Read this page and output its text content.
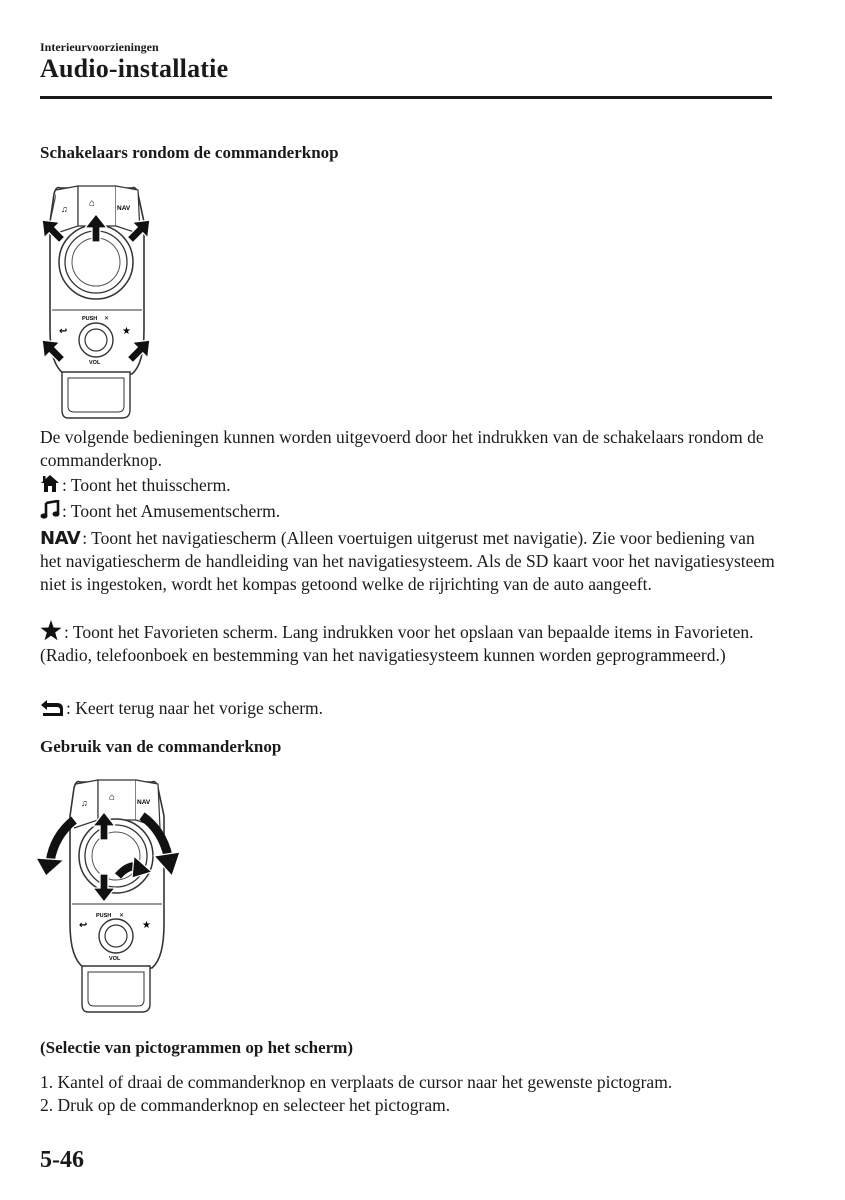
Interieurvoorzieningen
Audio-installatie
Schakelaars rondom de commanderknop
♫ ⌂	NAV
↩	★
PUSH ✕
VOL
De volgende bedieningen kunnen worden uitgevoerd door het indrukken van de schakelaars rondom de commanderknop.
: Toont het thuisscherm.
: Toont het Amusementscherm.
NAV : Toont het navigatiescherm (Alleen voertuigen uitgerust met navigatie). Zie voor bediening van het navigatiescherm de handleiding van het navigatiesysteem. Als de SD kaart voor het navigatiesysteem niet is ingestoken, wordt het kompas getoond welke de rijrichting van de auto aangeeft.
: Toont het Favorieten scherm. Lang indrukken voor het opslaan van bepaalde items in Favorieten. (Radio, telefoonboek en bestemming van het navigatiesysteem kunnen worden geprogrammeerd.)
: Keert terug naar het vorige scherm.
Gebruik van de commanderknop
♫ ⌂	NAV
↩	★
PUSH ✕
VOL
(Selectie van pictogrammen op het scherm)
1. Kantel of draai de commanderknop en verplaats de cursor naar het gewenste pictogram.
2. Druk op de commanderknop en selecteer het pictogram.
5-46
